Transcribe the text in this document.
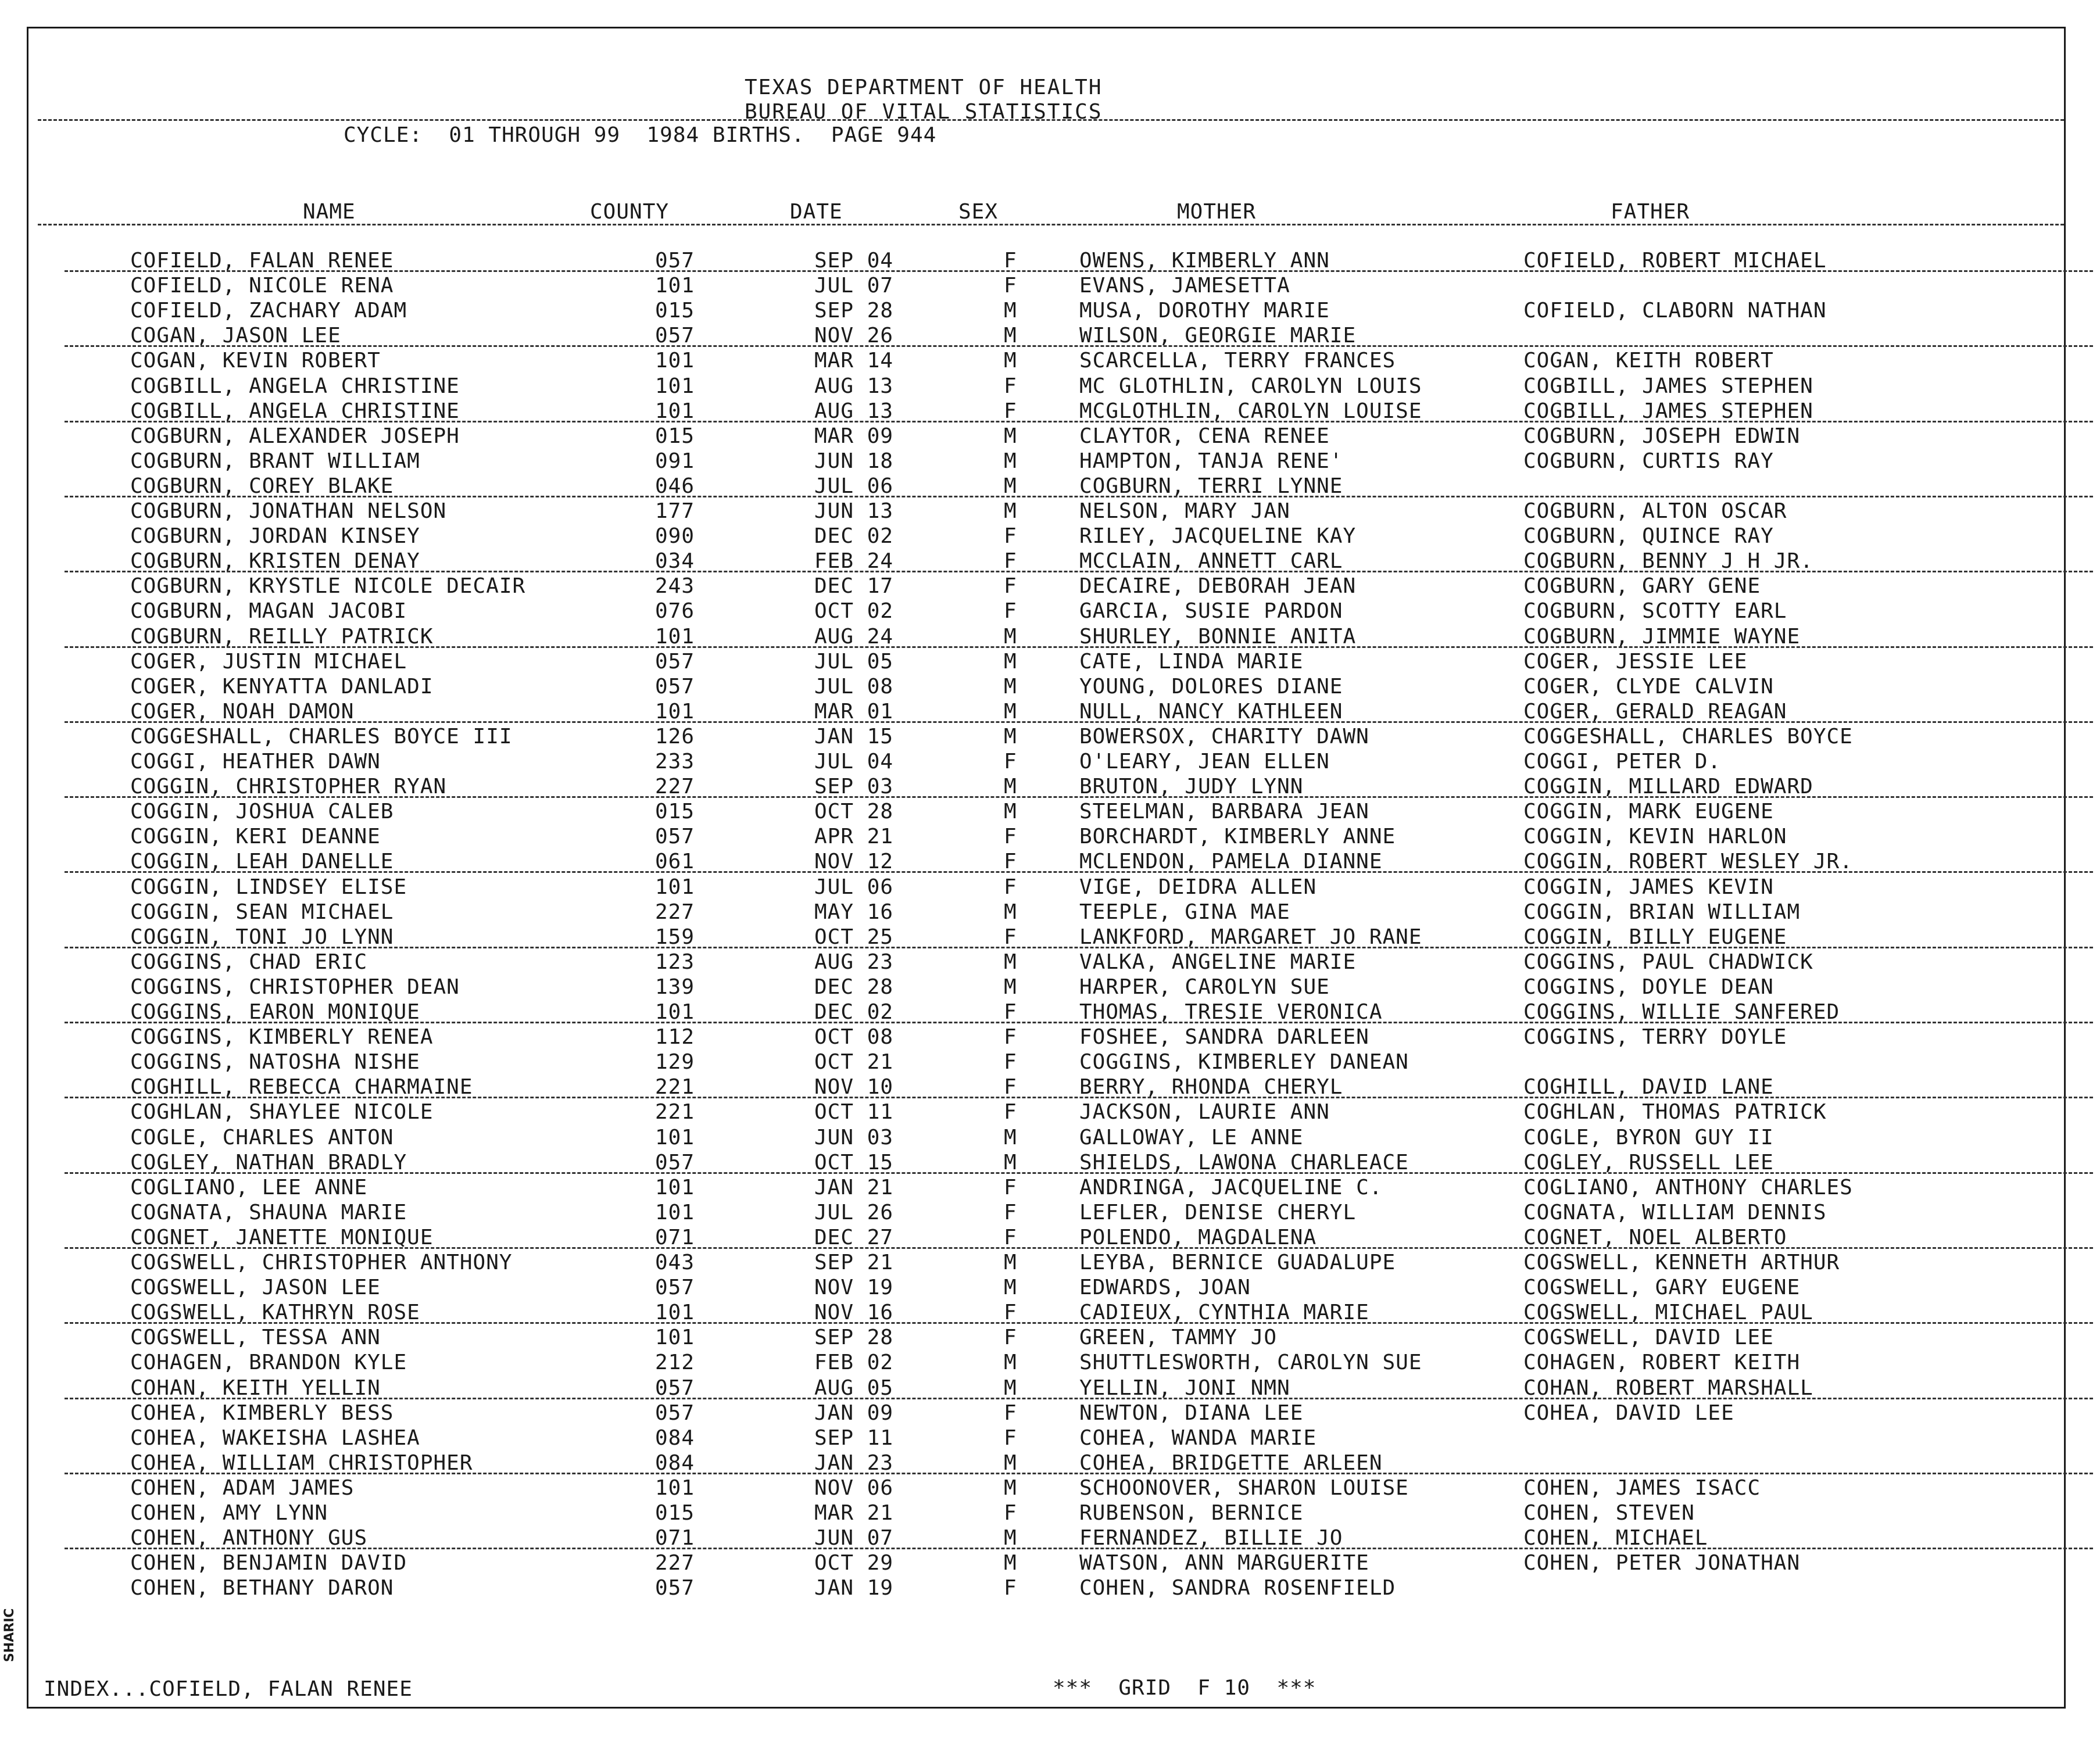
TEXAS DEPARTMENT OF HEALTH
BUREAU OF VITAL STATISTICS
CYCLE:  01 THROUGH 99  1984 BIRTHS.  PAGE 944
NAME	COUNTY	DATE	SEX	MOTHER	FATHER
COFIELD, FALAN RENEE	057	SEP 04	F	OWENS, KIMBERLY ANN	COFIELD, ROBERT MICHAEL
COFIELD, NICOLE RENA	101	JUL 07	F	EVANS, JAMESETTA
COFIELD, ZACHARY ADAM	015	SEP 28	M	MUSA, DOROTHY MARIE	COFIELD, CLABORN NATHAN
COGAN, JASON LEE	057	NOV 26	M	WILSON, GEORGIE MARIE
COGAN, KEVIN ROBERT	101	MAR 14	M	SCARCELLA, TERRY FRANCES	COGAN, KEITH ROBERT
COGBILL, ANGELA CHRISTINE	101	AUG 13	F	MC GLOTHLIN, CAROLYN LOUIS	COGBILL, JAMES STEPHEN
COGBILL, ANGELA CHRISTINE	101	AUG 13	F	MCGLOTHLIN, CAROLYN LOUISE	COGBILL, JAMES STEPHEN
COGBURN, ALEXANDER JOSEPH	015	MAR 09	M	CLAYTOR, CENA RENEE	COGBURN, JOSEPH EDWIN
COGBURN, BRANT WILLIAM	091	JUN 18	M	HAMPTON, TANJA RENE'	COGBURN, CURTIS RAY
COGBURN, COREY BLAKE	046	JUL 06	M	COGBURN, TERRI LYNNE
COGBURN, JONATHAN NELSON	177	JUN 13	M	NELSON, MARY JAN	COGBURN, ALTON OSCAR
COGBURN, JORDAN KINSEY	090	DEC 02	F	RILEY, JACQUELINE KAY	COGBURN, QUINCE RAY
COGBURN, KRISTEN DENAY	034	FEB 24	F	MCCLAIN, ANNETT CARL	COGBURN, BENNY J H JR.
COGBURN, KRYSTLE NICOLE DECAIR	243	DEC 17	F	DECAIRE, DEBORAH JEAN	COGBURN, GARY GENE
COGBURN, MAGAN JACOBI	076	OCT 02	F	GARCIA, SUSIE PARDON	COGBURN, SCOTTY EARL
COGBURN, REILLY PATRICK	101	AUG 24	M	SHURLEY, BONNIE ANITA	COGBURN, JIMMIE WAYNE
COGER, JUSTIN MICHAEL	057	JUL 05	M	CATE, LINDA MARIE	COGER, JESSIE LEE
COGER, KENYATTA DANLADI	057	JUL 08	M	YOUNG, DOLORES DIANE	COGER, CLYDE CALVIN
COGER, NOAH DAMON	101	MAR 01	M	NULL, NANCY KATHLEEN	COGER, GERALD REAGAN
COGGESHALL, CHARLES BOYCE III	126	JAN 15	M	BOWERSOX, CHARITY DAWN	COGGESHALL, CHARLES BOYCE
COGGI, HEATHER DAWN	233	JUL 04	F	O'LEARY, JEAN ELLEN	COGGI, PETER D.
COGGIN, CHRISTOPHER RYAN	227	SEP 03	M	BRUTON, JUDY LYNN	COGGIN, MILLARD EDWARD
COGGIN, JOSHUA CALEB	015	OCT 28	M	STEELMAN, BARBARA JEAN	COGGIN, MARK EUGENE
COGGIN, KERI DEANNE	057	APR 21	F	BORCHARDT, KIMBERLY ANNE	COGGIN, KEVIN HARLON
COGGIN, LEAH DANELLE	061	NOV 12	F	MCLENDON, PAMELA DIANNE	COGGIN, ROBERT WESLEY JR.
COGGIN, LINDSEY ELISE	101	JUL 06	F	VIGE, DEIDRA ALLEN	COGGIN, JAMES KEVIN
COGGIN, SEAN MICHAEL	227	MAY 16	M	TEEPLE, GINA MAE	COGGIN, BRIAN WILLIAM
COGGIN, TONI JO LYNN	159	OCT 25	F	LANKFORD, MARGARET JO RANE	COGGIN, BILLY EUGENE
COGGINS, CHAD ERIC	123	AUG 23	M	VALKA, ANGELINE MARIE	COGGINS, PAUL CHADWICK
COGGINS, CHRISTOPHER DEAN	139	DEC 28	M	HARPER, CAROLYN SUE	COGGINS, DOYLE DEAN
COGGINS, EARON MONIQUE	101	DEC 02	F	THOMAS, TRESIE VERONICA	COGGINS, WILLIE SANFERED
COGGINS, KIMBERLY RENEA	112	OCT 08	F	FOSHEE, SANDRA DARLEEN	COGGINS, TERRY DOYLE
COGGINS, NATOSHA NISHE	129	OCT 21	F	COGGINS, KIMBERLEY DANEAN
COGHILL, REBECCA CHARMAINE	221	NOV 10	F	BERRY, RHONDA CHERYL	COGHILL, DAVID LANE
COGHLAN, SHAYLEE NICOLE	221	OCT 11	F	JACKSON, LAURIE ANN	COGHLAN, THOMAS PATRICK
COGLE, CHARLES ANTON	101	JUN 03	M	GALLOWAY, LE ANNE	COGLE, BYRON GUY II
COGLEY, NATHAN BRADLY	057	OCT 15	M	SHIELDS, LAWONA CHARLEACE	COGLEY, RUSSELL LEE
COGLIANO, LEE ANNE	101	JAN 21	F	ANDRINGA, JACQUELINE C.	COGLIANO, ANTHONY CHARLES
COGNATA, SHAUNA MARIE	101	JUL 26	F	LEFLER, DENISE CHERYL	COGNATA, WILLIAM DENNIS
COGNET, JANETTE MONIQUE	071	DEC 27	F	POLENDO, MAGDALENA	COGNET, NOEL ALBERTO
COGSWELL, CHRISTOPHER ANTHONY	043	SEP 21	M	LEYBA, BERNICE GUADALUPE	COGSWELL, KENNETH ARTHUR
COGSWELL, JASON LEE	057	NOV 19	M	EDWARDS, JOAN	COGSWELL, GARY EUGENE
COGSWELL, KATHRYN ROSE	101	NOV 16	F	CADIEUX, CYNTHIA MARIE	COGSWELL, MICHAEL PAUL
COGSWELL, TESSA ANN	101	SEP 28	F	GREEN, TAMMY JO	COGSWELL, DAVID LEE
COHAGEN, BRANDON KYLE	212	FEB 02	M	SHUTTLESWORTH, CAROLYN SUE	COHAGEN, ROBERT KEITH
COHAN, KEITH YELLIN	057	AUG 05	M	YELLIN, JONI NMN	COHAN, ROBERT MARSHALL
COHEA, KIMBERLY BESS	057	JAN 09	F	NEWTON, DIANA LEE	COHEA, DAVID LEE
COHEA, WAKEISHA LASHEA	084	SEP 11	F	COHEA, WANDA MARIE
COHEA, WILLIAM CHRISTOPHER	084	JAN 23	M	COHEA, BRIDGETTE ARLEEN
COHEN, ADAM JAMES	101	NOV 06	M	SCHOONOVER, SHARON LOUISE	COHEN, JAMES ISACC
COHEN, AMY LYNN	015	MAR 21	F	RUBENSON, BERNICE	COHEN, STEVEN
COHEN, ANTHONY GUS	071	JUN 07	M	FERNANDEZ, BILLIE JO	COHEN, MICHAEL
COHEN, BENJAMIN DAVID	227	OCT 29	M	WATSON, ANN MARGUERITE	COHEN, PETER JONATHAN
COHEN, BETHANY DARON	057	JAN 19	F	COHEN, SANDRA ROSENFIELD
INDEX...COFIELD, FALAN RENEE	***  GRID  F 10  ***
SHARIC
